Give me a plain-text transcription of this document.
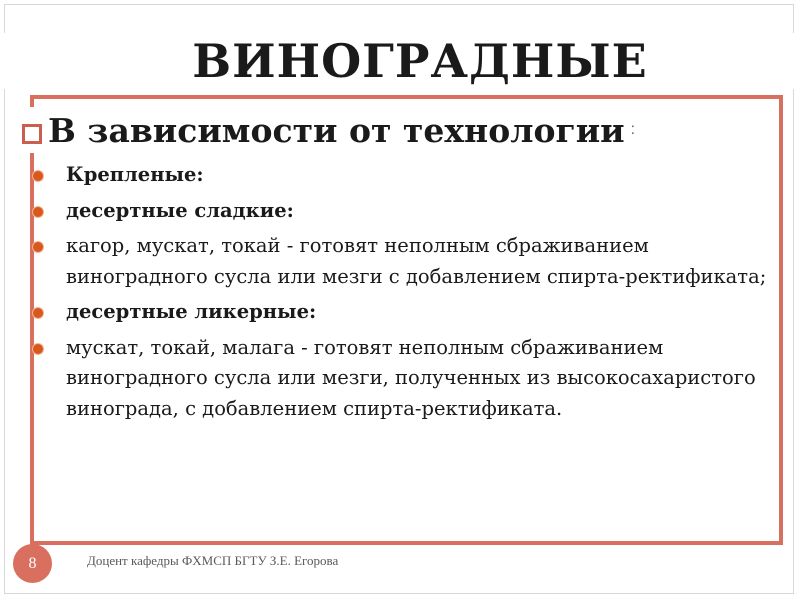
ВИНОГРАДНЫЕ
В зависимости от технологии :
Крепленые:
десертные сладкие:
кагор, мускат, токай - готовят неполным сбраживанием виноградного сусла или мезги с добавлением спирта-ректификата;
десертные ликерные:
мускат, токай, малага - готовят неполным сбраживанием виноградного сусла или мезги, полученных из высокосахаристого винограда, с добавлением спирта-ректификата.
8	Доцент кафедры ФХМСП БГТУ З.Е. Егорова
